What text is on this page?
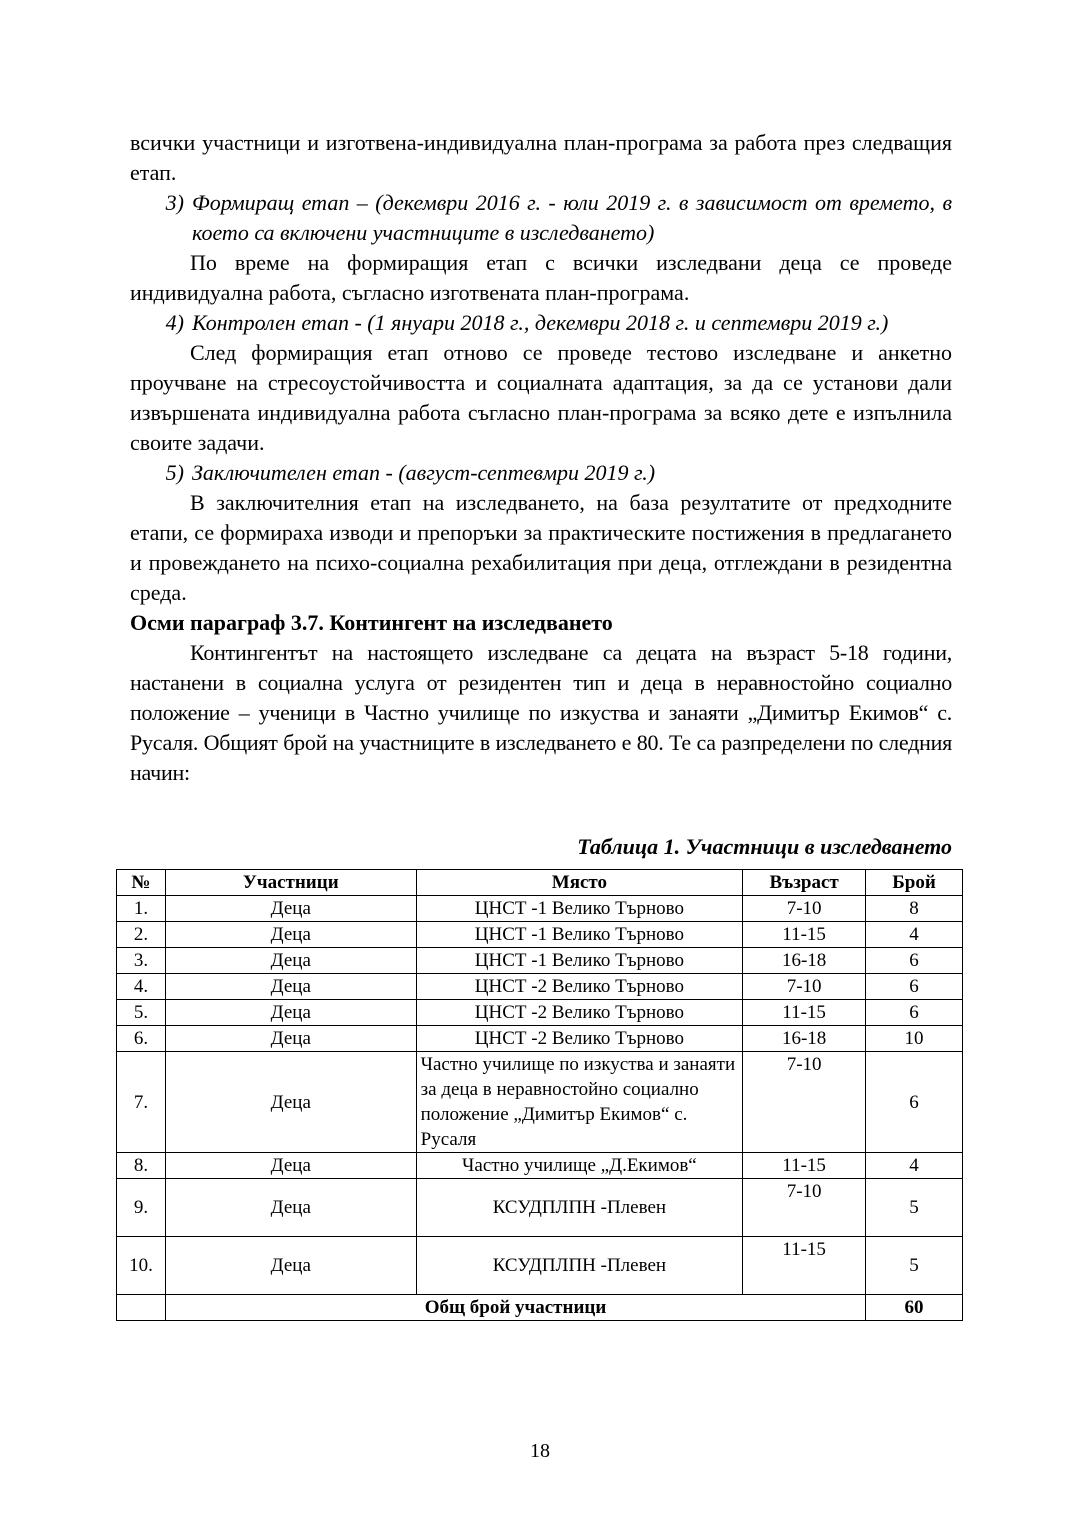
всички участници и изготвена-индивидуална план-програма за работа през следващия етап.

3) Формиращ етап – (декември 2016 г. - юли 2019 г. в зависимост от времето, в което са включени участниците в изследването)

По време на формиращия етап с всички изследвани деца се проведе индивидуална работа, съгласно изготвената план-програма.

4) Контролен етап - (1 януари 2018 г., декември 2018 г. и септември 2019 г.)

След формиращия етап отново се проведе тестово изследване и анкетно проучване на стресоустойчивостта и социалната адаптация, за да се установи дали извършената индивидуална работа съгласно план-програма за всяко дете е изпълнила своите задачи.

5) Заключителен етап - (август-септевмри 2019 г.)

В заключителния етап на изследването, на база резултатите от предходните етапи, се формираха изводи и препоръки за практическите постижения в предлагането и провеждането на психо-социална рехабилитация при деца, отглеждани в резидентна среда.

Осми параграф 3.7. Контингент на изследването

Контингентът на настоящето изследване са децата на възраст 5-18 години, настанени в социална услуга от резидентен тип и деца в неравностойно социално положение – ученици в Частно училище по изкуства и занаяти „Димитър Екимов“ с. Русаля. Общият брой на участниците в изследването е 80. Те са разпределени по следния начин:

Таблица 1. Участници в изследването
№	Участници	Място	Възраст	Брой
1.	Деца	ЦНСТ -1 Велико Търново	7-10	8
2.	Деца	ЦНСТ -1 Велико Търново	11-15	4
3.	Деца	ЦНСТ -1 Велико Търново	16-18	6
4.	Деца	ЦНСТ -2 Велико Търново	7-10	6
5.	Деца	ЦНСТ -2 Велико Търново	11-15	6
6.	Деца	ЦНСТ -2 Велико Търново	16-18	10
7.	Деца	Частно училище по изкуства и занаяти за деца в неравностойно социално положение „Димитър Екимов“ с. Русаля	7-10	6
8.	Деца	Частно училище „Д.Екимов“	11-15	4
9.	Деца	КСУДПЛПН -Плевен	7-10	5
10.	Деца	КСУДПЛПН -Плевен	11-15	5
	Общ брой участници			60
18
